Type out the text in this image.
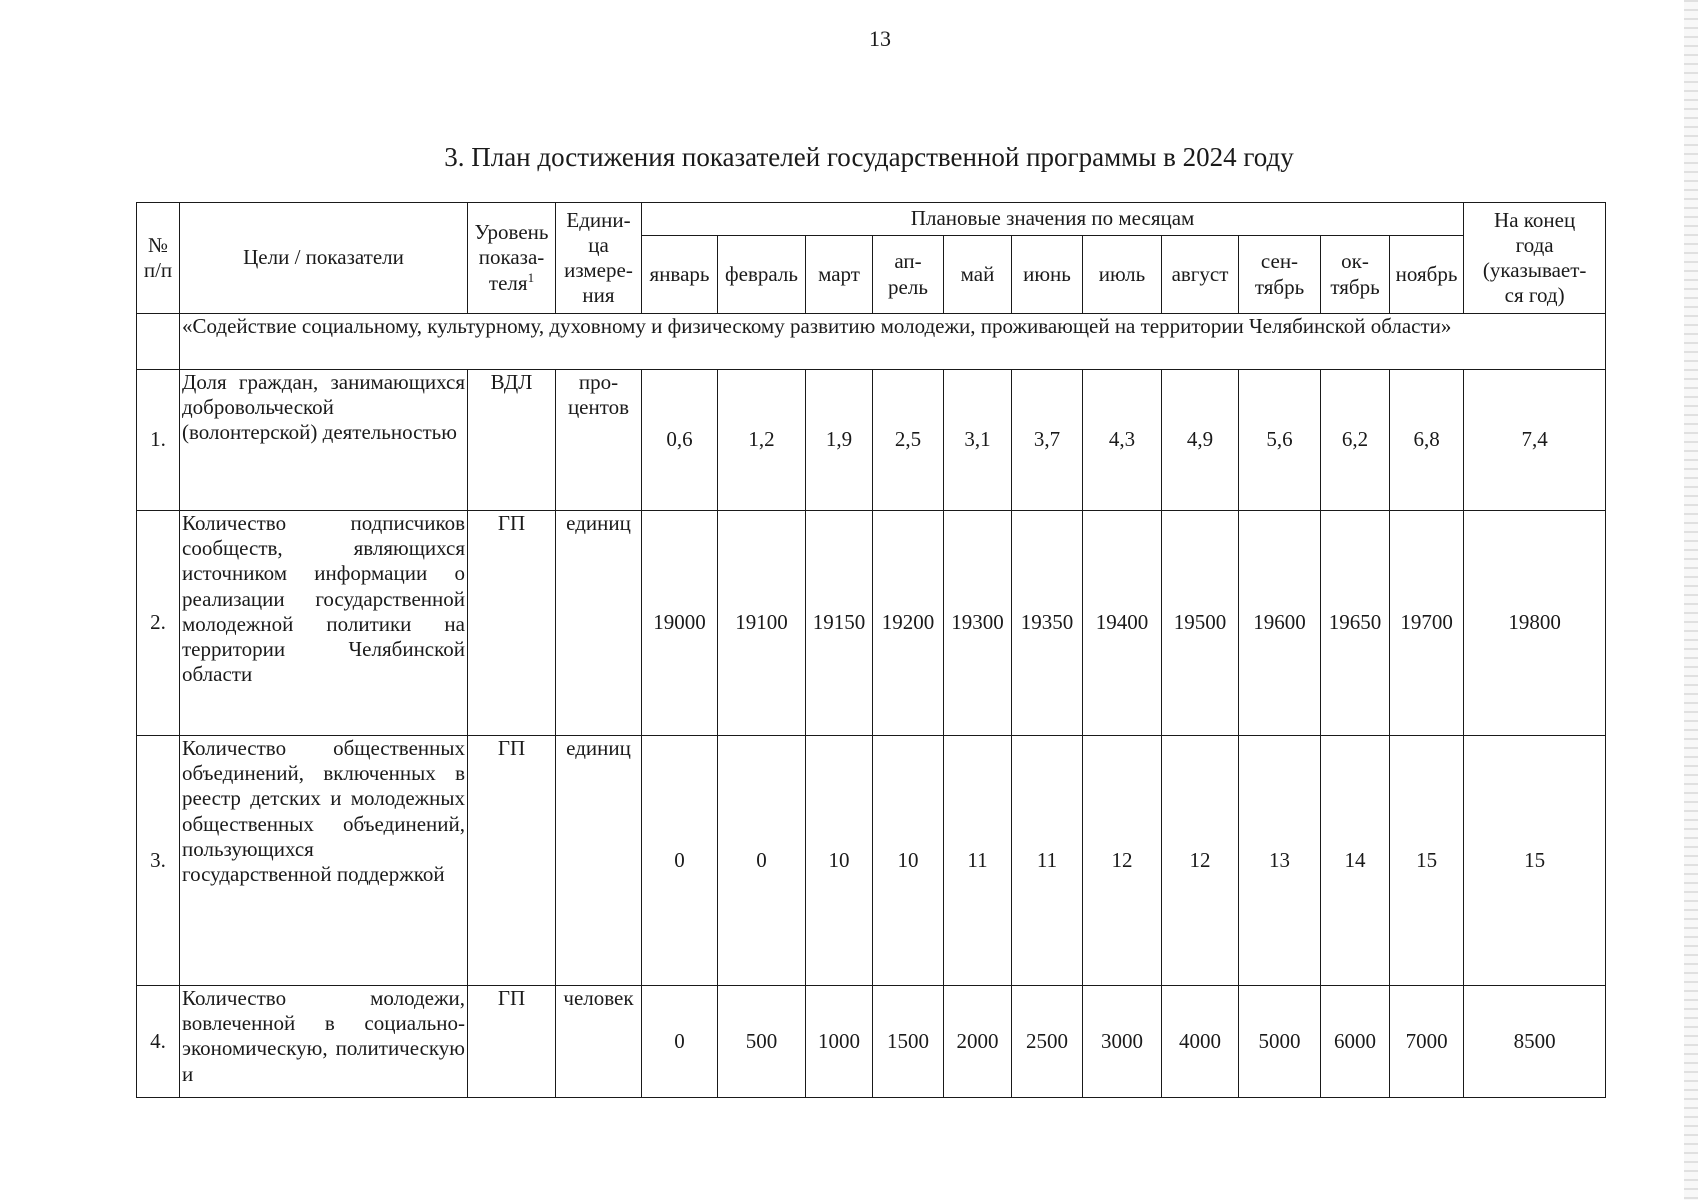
13
3. План достижения показателей государственной программы в 2024 году
№
п/п	Цели / показатели	Уровень
показа-
теля$^1$	Едини-
ца
измере-
ния	Плановые значения по месяцам											На конец
года
(указывает-
ся год)
				январь	февраль	март	ап-
рель	май	июнь	июль	август	сен-
тябрь	ок-
тябрь	ноябрь	
	«Содействие социальному, культурному, духовному и физическому развитию молодежи, проживающей на территории Челябинской области»														
1.	Доля граждан, занимающихся добровольческой (волонтерской) деятельностью	ВДЛ	про-
центов	0,6	1,2	1,9	2,5	3,1	3,7	4,3	4,9	5,6	6,2	6,8	7,4
2.	Количество подписчиков сообществ, являющихся источником информации о реализации государственной молодежной политики на территории Челябинской области	ГП	единиц	19000	19100	19150	19200	19300	19350	19400	19500	19600	19650	19700	19800
3.	Количество общественных объединений, включенных в реестр детских и молодежных общественных объединений, пользующихся государственной поддержкой	ГП	единиц	0	0	10	10	11	11	12	12	13	14	15	15
4.	Количество молодежи, вовлеченной в социально-экономическую, политическую и	ГП	человек	0	500	1000	1500	2000	2500	3000	4000	5000	6000	7000	8500
